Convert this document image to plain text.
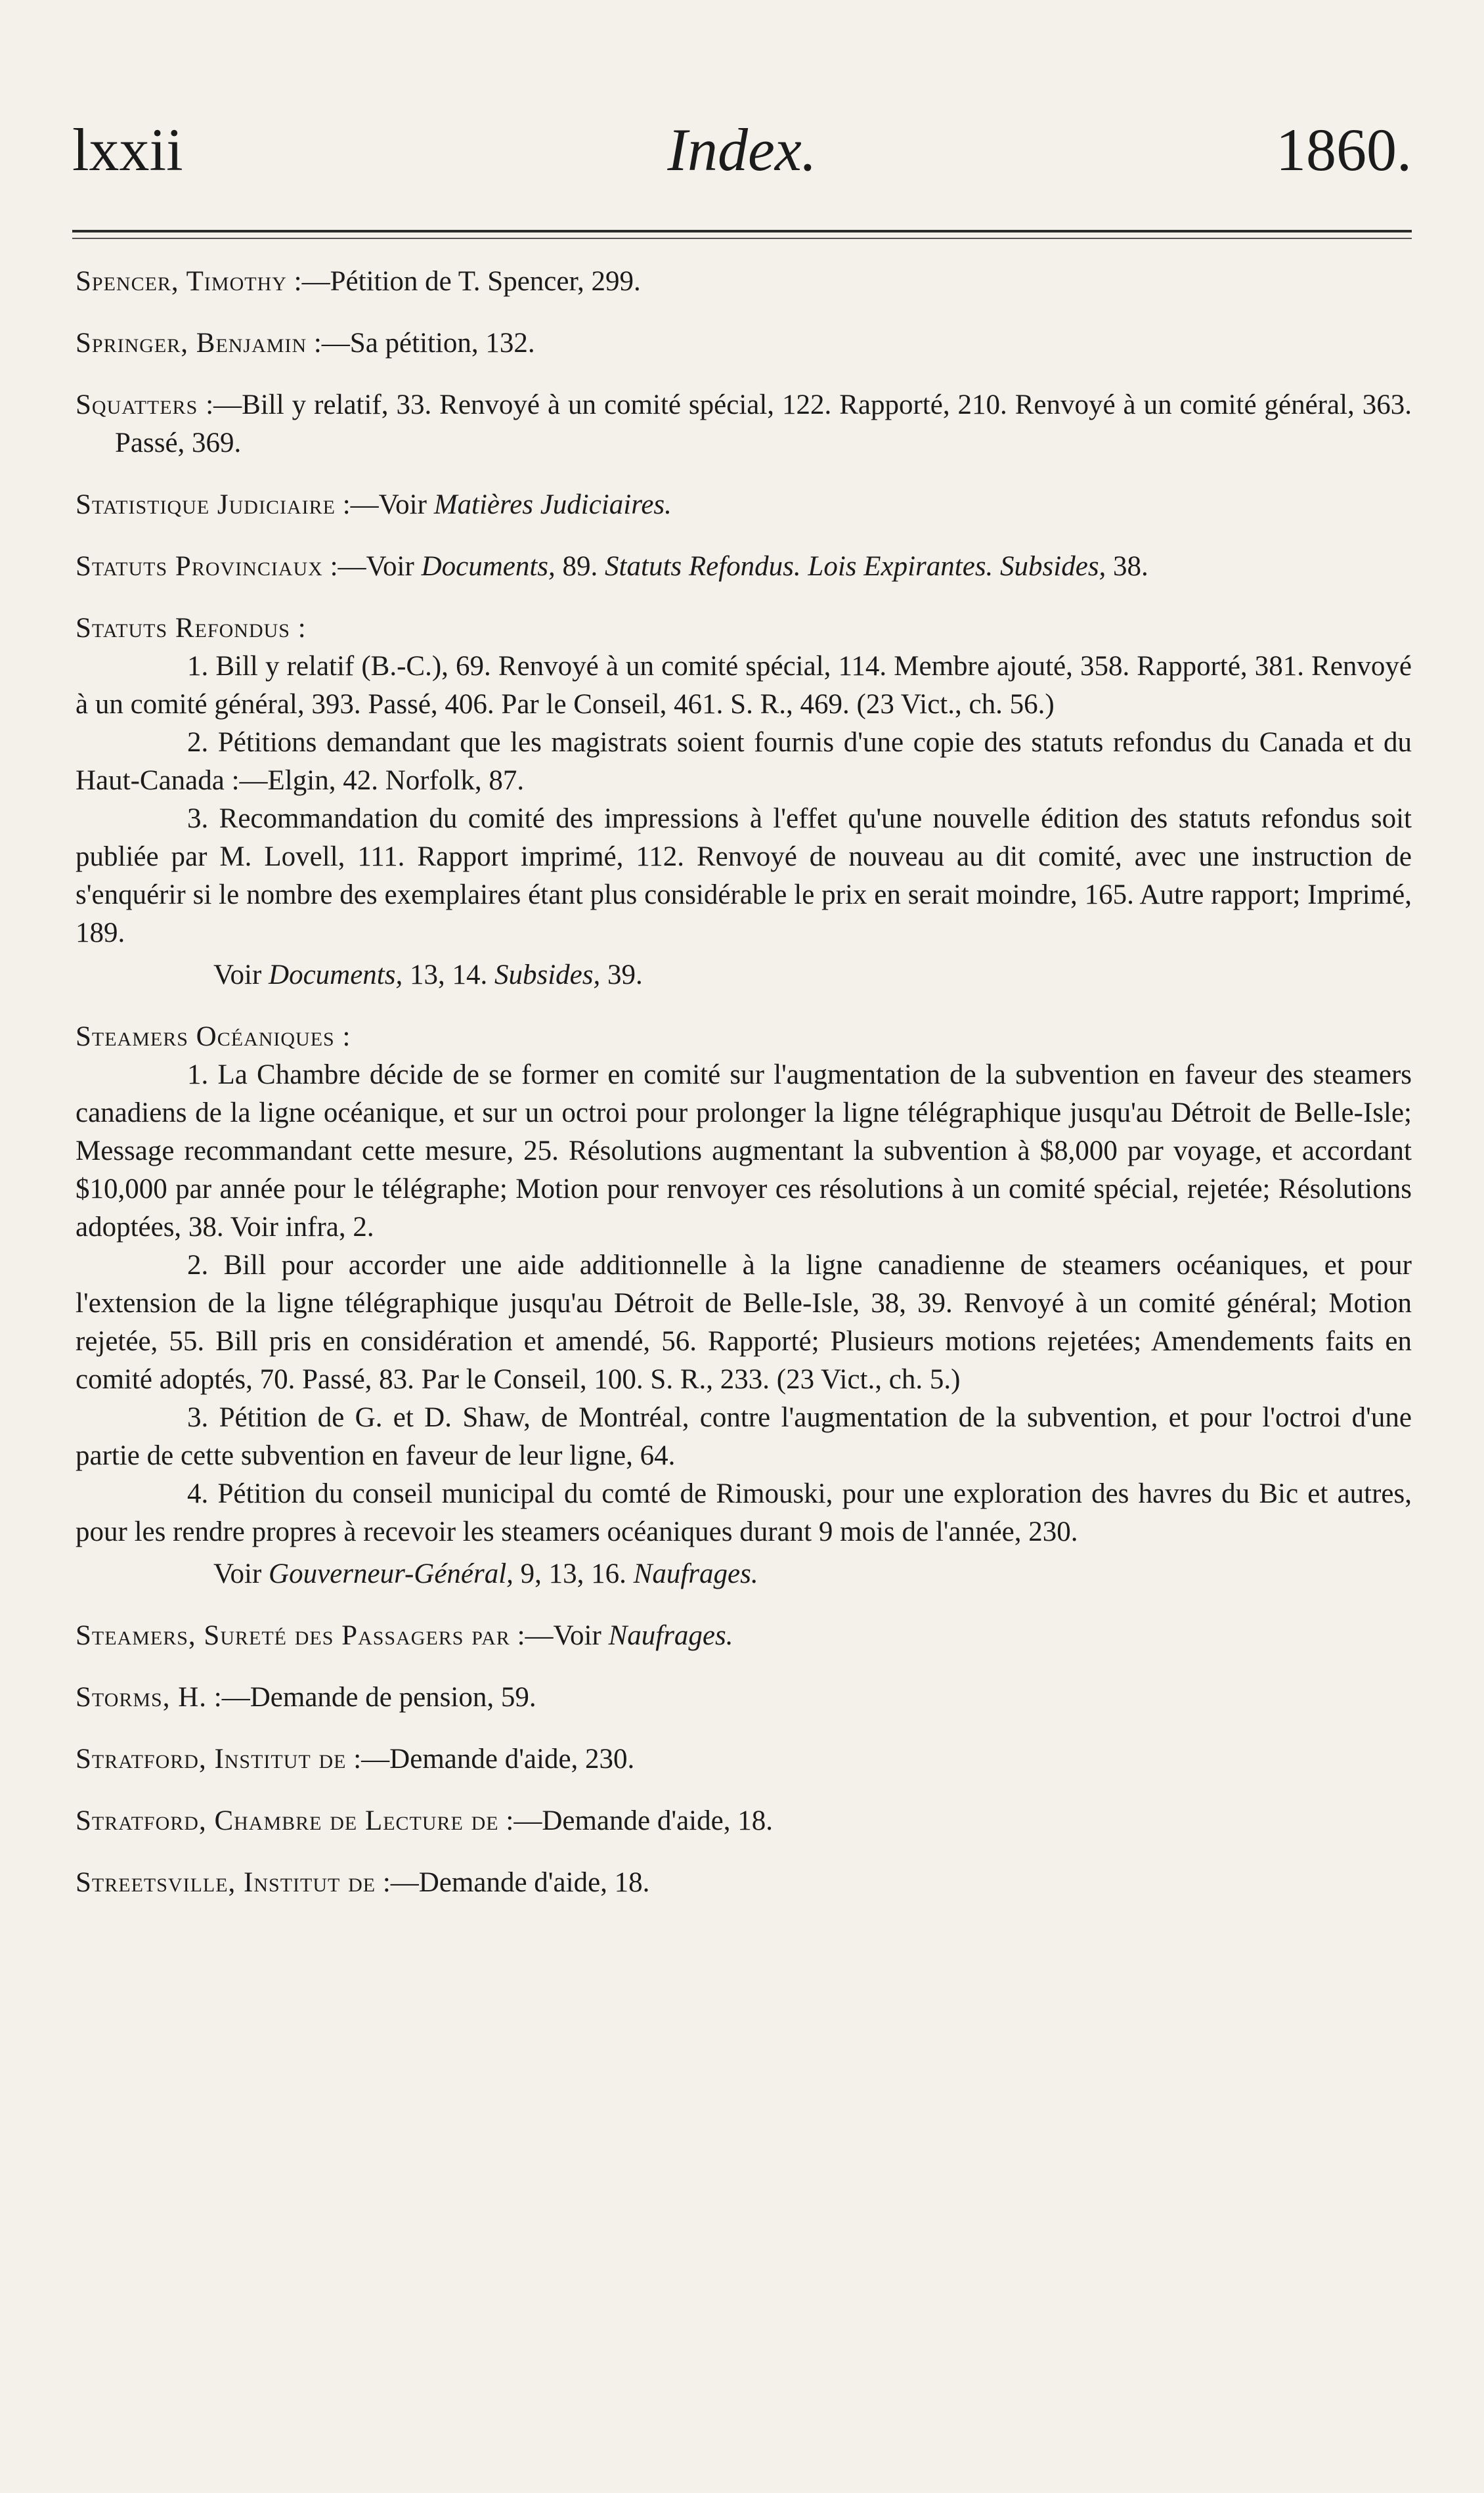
lxxii	Index.	1860.
Spencer, Timothy :—Pétition de T. Spencer, 299.
Springer, Benjamin :—Sa pétition, 132.
Squatters :—Bill y relatif, 33. Renvoyé à un comité spécial, 122. Rapporté, 210. Renvoyé à un comité général, 363. Passé, 369.
Statistique Judiciaire :—Voir Matières Judiciaires.
Statuts Provinciaux :—Voir Documents, 89. Statuts Refondus. Lois Expirantes. Subsides, 38.

Statuts Refondus :

1. Bill y relatif (B.-C.), 69. Renvoyé à un comité spécial, 114. Membre ajouté, 358. Rapporté, 381. Renvoyé à un comité général, 393. Passé, 406. Par le Conseil, 461. S. R., 469. (23 Vict., ch. 56.)

2. Pétitions demandant que les magistrats soient fournis d'une copie des statuts refondus du Canada et du Haut-Canada :—Elgin, 42. Norfolk, 87.

3. Recommandation du comité des impressions à l'effet qu'une nouvelle édition des statuts refondus soit publiée par M. Lovell, 111. Rapport imprimé, 112. Renvoyé de nouveau au dit comité, avec une instruction de s'enquérir si le nombre des exemplaires étant plus considérable le prix en serait moindre, 165. Autre rapport; Imprimé, 189.

Voir Documents, 13, 14. Subsides, 39.

Steamers Océaniques :

1. La Chambre décide de se former en comité sur l'augmentation de la subvention en faveur des steamers canadiens de la ligne océanique, et sur un octroi pour prolonger la ligne télégraphique jusqu'au Détroit de Belle-Isle; Message recommandant cette mesure, 25. Résolutions augmentant la subvention à $8,000 par voyage, et accordant $10,000 par année pour le télégraphe; Motion pour renvoyer ces résolutions à un comité spécial, rejetée; Résolutions adoptées, 38. Voir infra, 2.

2. Bill pour accorder une aide additionnelle à la ligne canadienne de steamers océaniques, et pour l'extension de la ligne télégraphique jusqu'au Détroit de Belle-Isle, 38, 39. Renvoyé à un comité général; Motion rejetée, 55. Bill pris en considération et amendé, 56. Rapporté; Plusieurs motions rejetées; Amendements faits en comité adoptés, 70. Passé, 83. Par le Conseil, 100. S. R., 233. (23 Vict., ch. 5.)

3. Pétition de G. et D. Shaw, de Montréal, contre l'augmentation de la subvention, et pour l'octroi d'une partie de cette subvention en faveur de leur ligne, 64.

4. Pétition du conseil municipal du comté de Rimouski, pour une exploration des havres du Bic et autres, pour les rendre propres à recevoir les steamers océaniques durant 9 mois de l'année, 230.

Voir Gouverneur-Général, 9, 13, 16. Naufrages.

Steamers, Sureté des Passagers par :—Voir Naufrages.
Storms, H. :—Demande de pension, 59.
Stratford, Institut de :—Demande d'aide, 230.
Stratford, Chambre de Lecture de :—Demande d'aide, 18.
Streetsville, Institut de :—Demande d'aide, 18.
